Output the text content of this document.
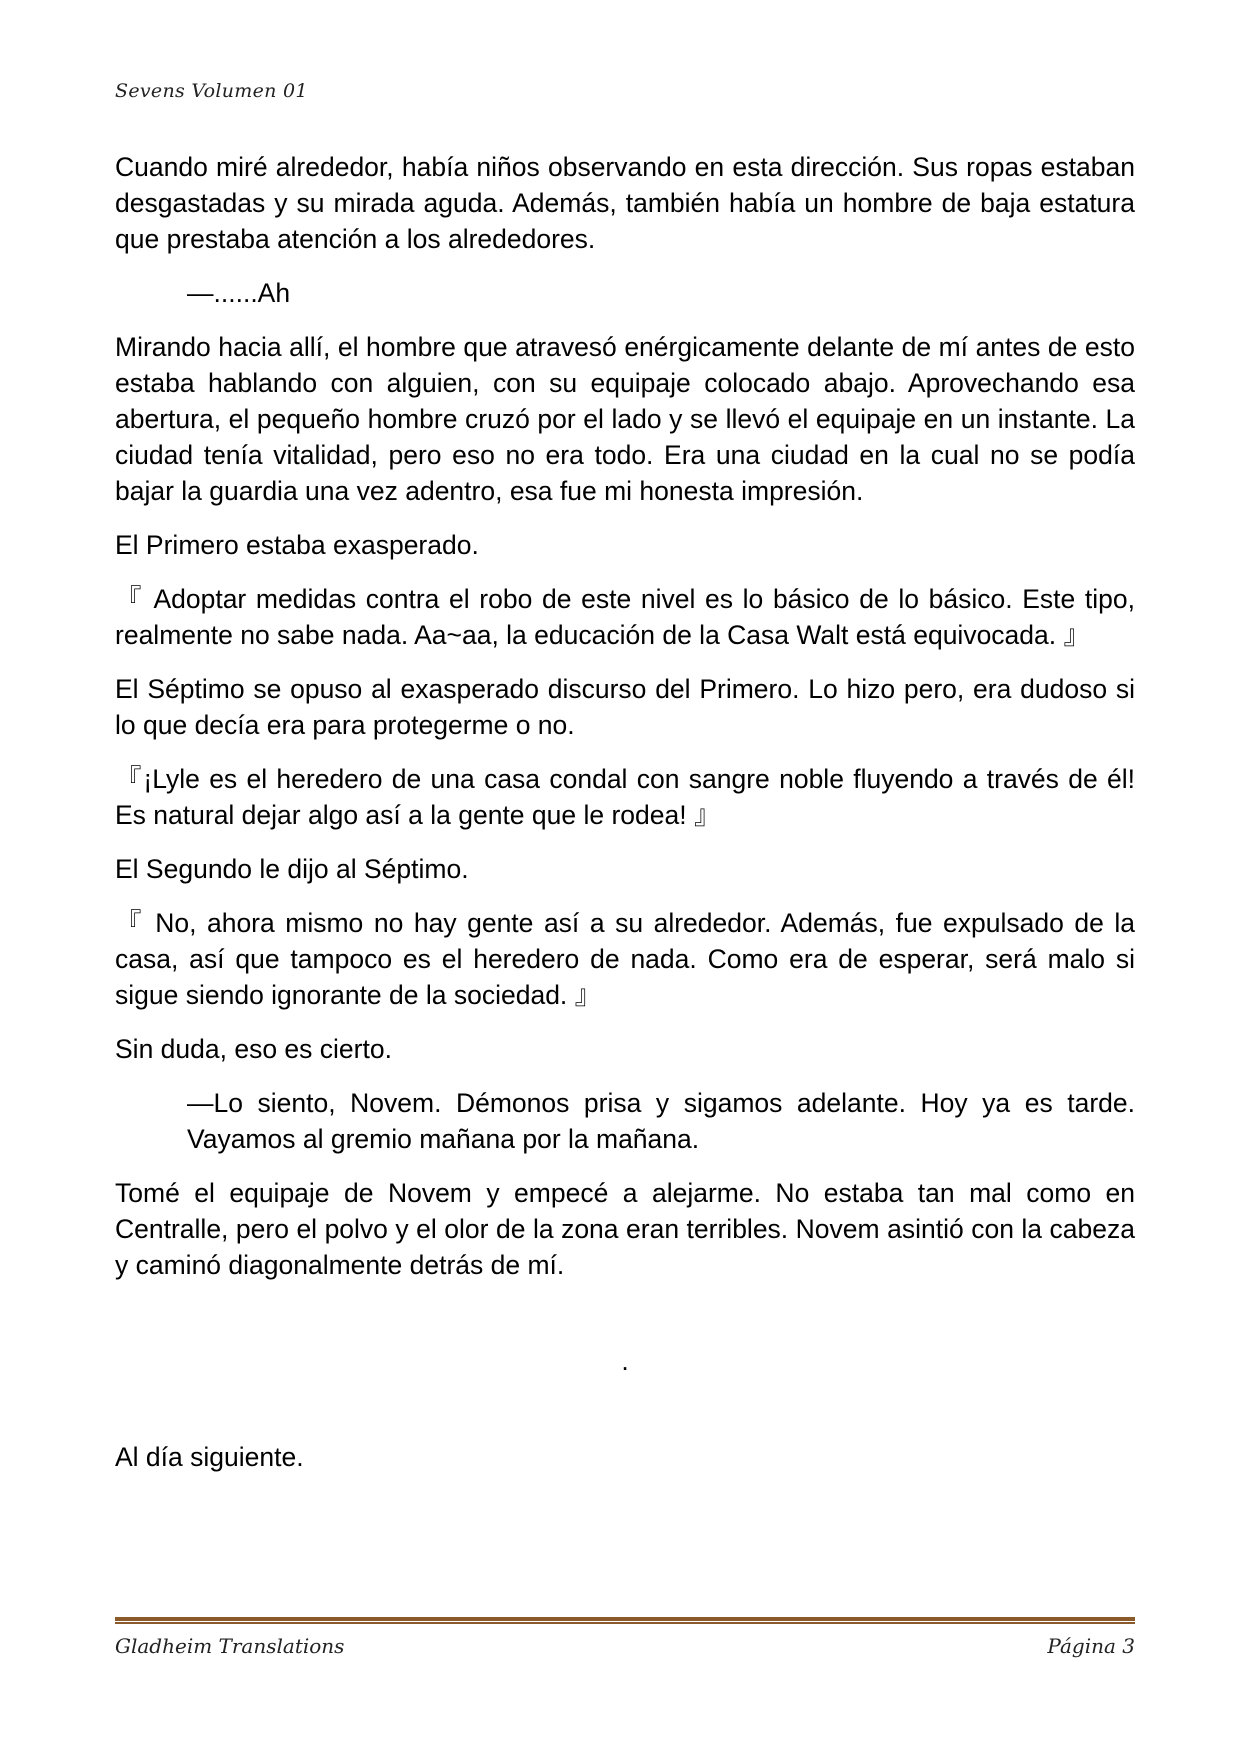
Sevens Volumen 01

Cuando miré alrededor, había niños observando en esta dirección. Sus ropas estaban desgastadas y su mirada aguda. Además, también había un hombre de baja estatura que prestaba atención a los alrededores.

—......Ah

Mirando hacia allí, el hombre que atravesó enérgicamente delante de mí antes de esto estaba hablando con alguien, con su equipaje colocado abajo. Aprovechando esa abertura, el pequeño hombre cruzó por el lado y se llevó el equipaje en un instante. La ciudad tenía vitalidad, pero eso no era todo. Era una ciudad en la cual no se podía bajar la guardia una vez adentro, esa fue mi honesta impresión.

El Primero estaba exasperado.

『 Adoptar medidas contra el robo de este nivel es lo básico de lo básico. Este tipo, realmente no sabe nada. Aa~aa, la educación de la Casa Walt está equivocada. 』

El Séptimo se opuso al exasperado discurso del Primero. Lo hizo pero, era dudoso si lo que decía era para protegerme o no.

『¡Lyle es el heredero de una casa condal con sangre noble fluyendo a través de él! Es natural dejar algo así a la gente que le rodea! 』

El Segundo le dijo al Séptimo.

『 No, ahora mismo no hay gente así a su alrededor. Además, fue expulsado de la casa, así que tampoco es el heredero de nada. Como era de esperar, será malo si sigue siendo ignorante de la sociedad. 』

Sin duda, eso es cierto.

—Lo siento, Novem. Démonos prisa y sigamos adelante. Hoy ya es tarde. Vayamos al gremio mañana por la mañana.

Tomé el equipaje de Novem y empecé a alejarme. No estaba tan mal como en Centralle, pero el polvo y el olor de la zona eran terribles. Novem asintió con la cabeza y caminó diagonalmente detrás de mí.

.

Al día siguiente.

Gladheim Translations	Página 3
